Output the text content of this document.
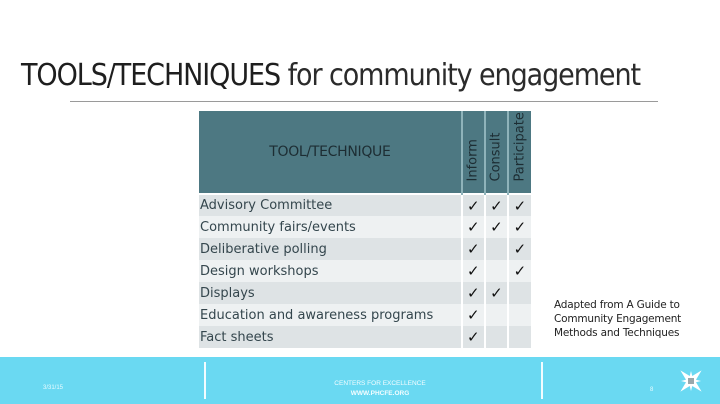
TOOLS/TECHNIQUES for community engagement
TOOL/TECHNIQUE	Inform	Consult	Participate

Advisory Committee	✓	✓	✓
Community fairs/events	✓	✓	✓
Deliberative polling	✓		✓
Design workshops	✓		✓
Displays	✓	✓	
Education and awareness programs	✓		
Fact sheets	✓		
Adapted from A Guide to
Community Engagement
Methods and Techniques
3/31/15
CENTERS FOR EXCELLENCE
WWW.PHCFE.ORG	8
